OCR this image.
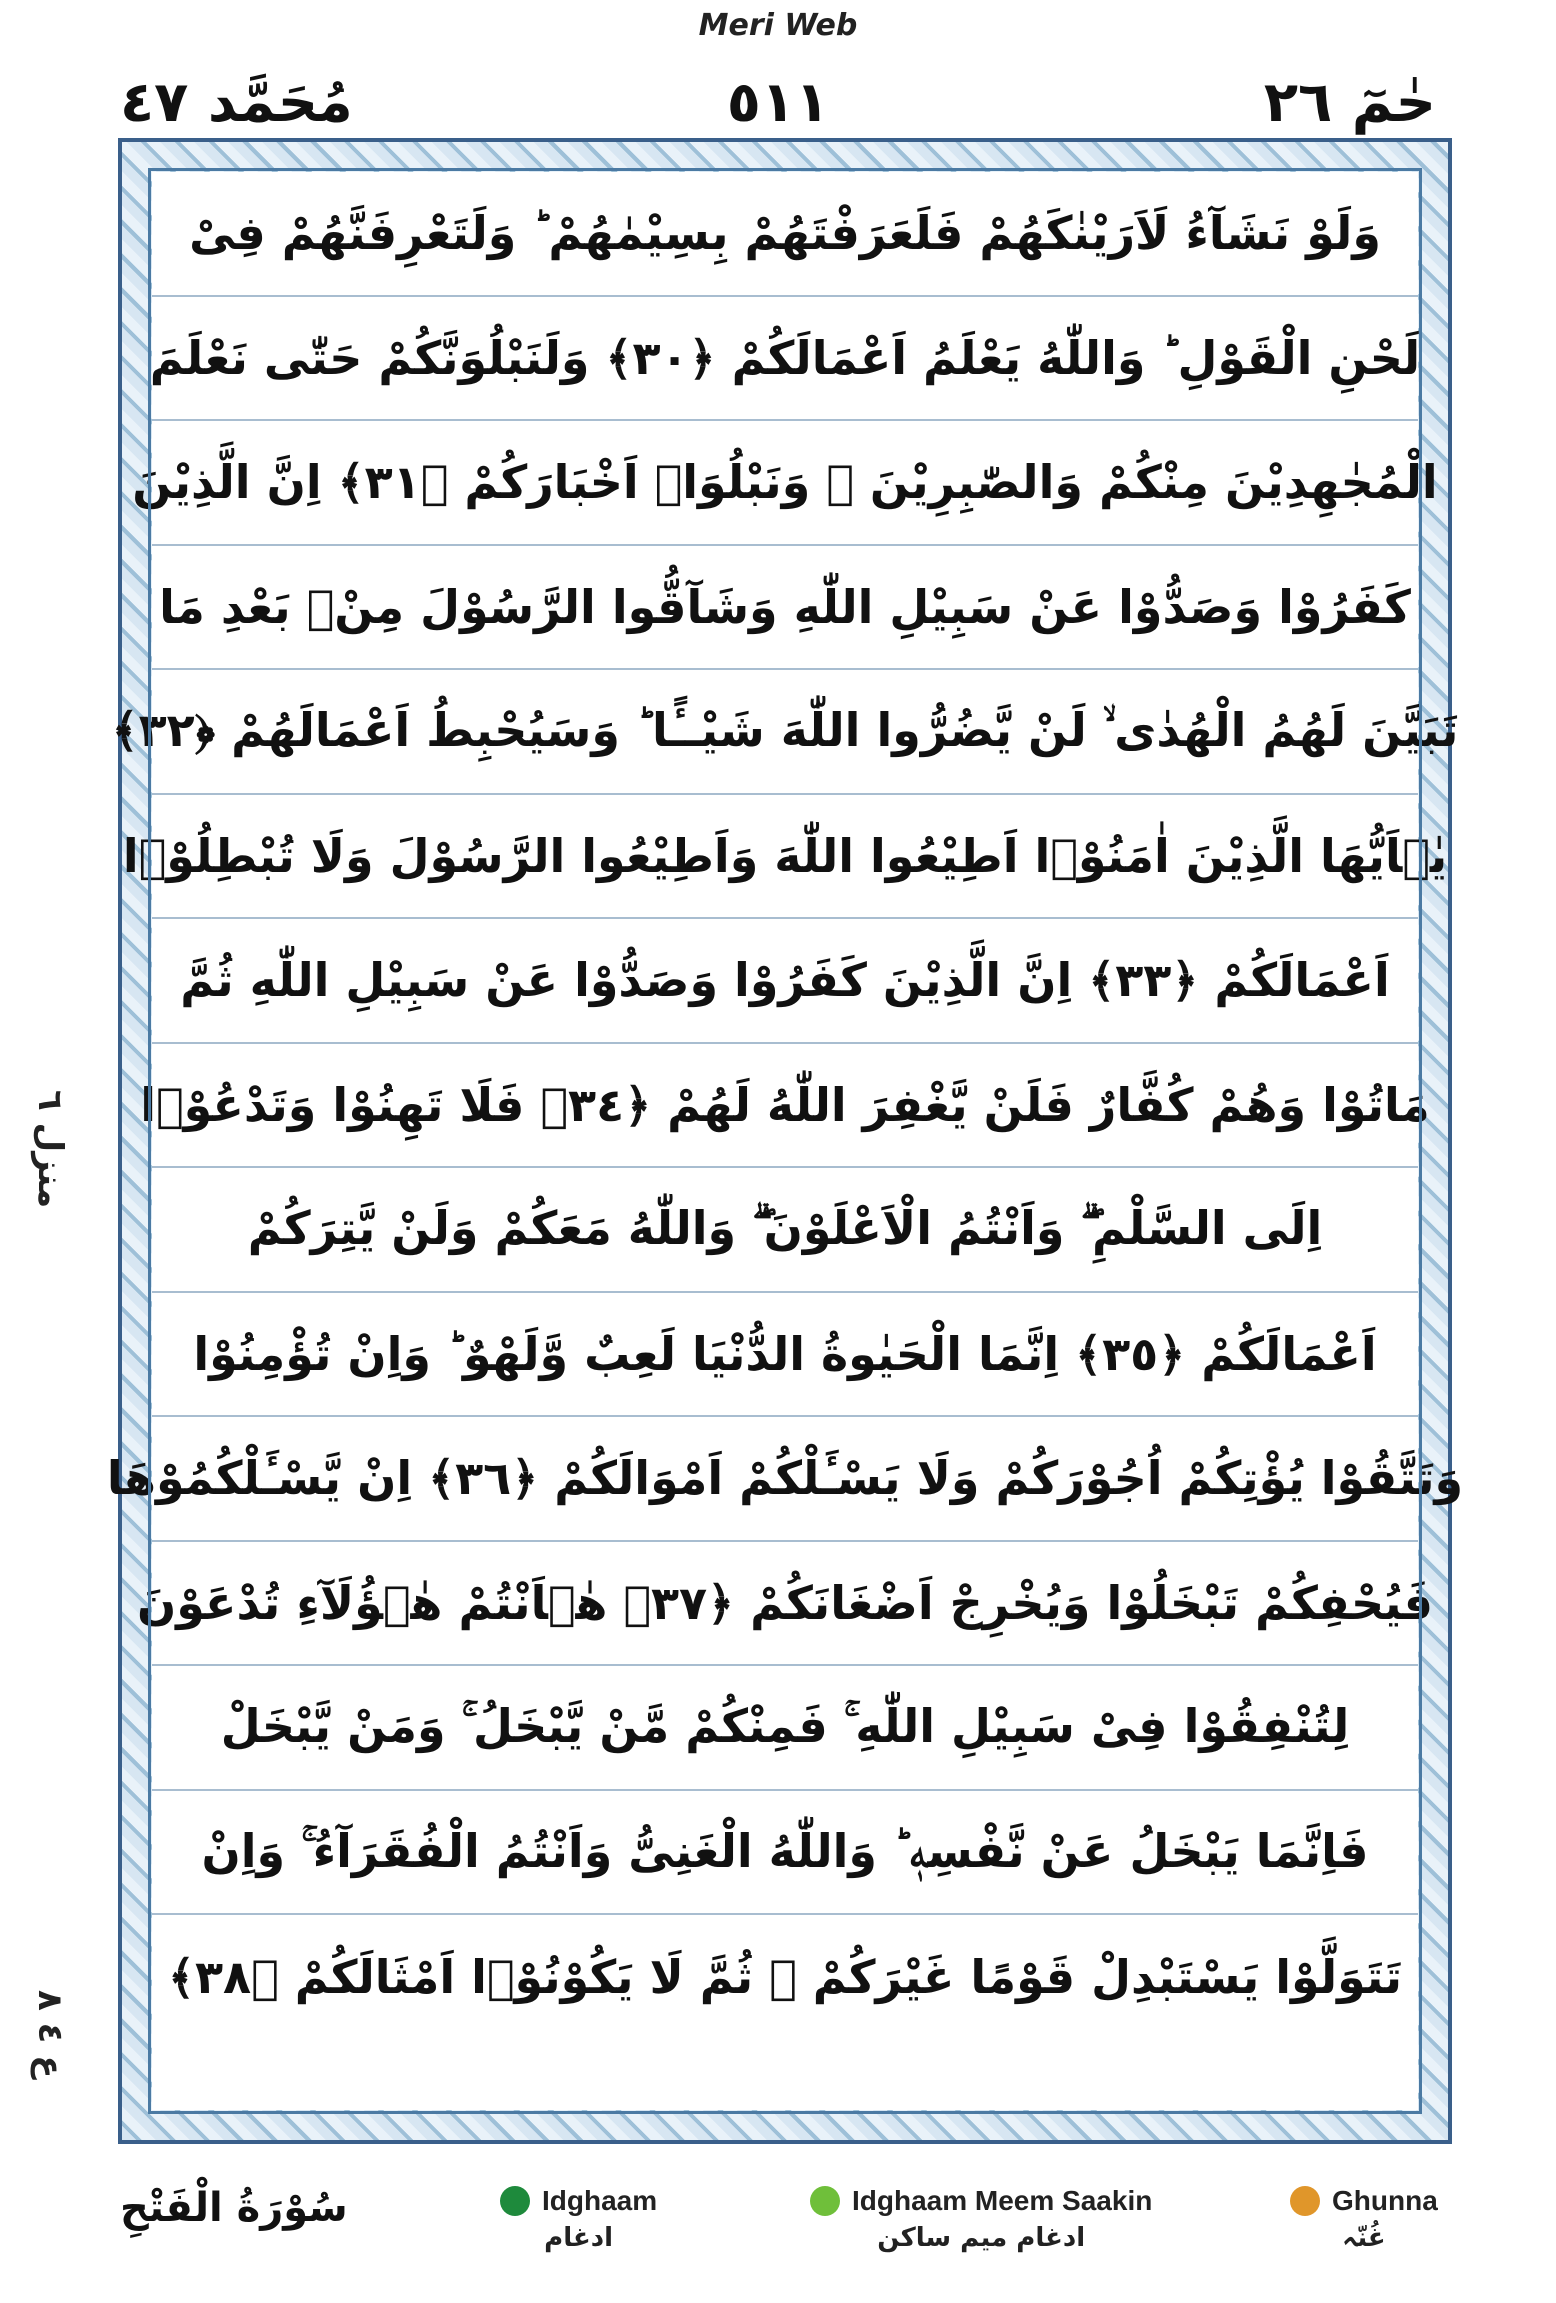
Meri Web
مُحَمَّد ٤٧	٥١١	حٰمٓ ٢٦
وَلَوْ نَشَآءُ لَاَرَيْنٰكَهُمْ فَلَعَرَفْتَهُمْ بِسِيْمٰهُمْ ؕ وَلَتَعْرِفَنَّهُمْ فِىْ
لَحْنِ الْقَوْلِ ؕ وَاللّٰهُ يَعْلَمُ اَعْمَالَكُمْ ﴿٣٠﴾ وَلَنَبْلُوَنَّكُمْ حَتّٰى نَعْلَمَ
الْمُجٰهِدِيْنَ مِنْكُمْ وَالصّٰبِرِيْنَ ۙ وَنَبْلُوَا۟ اَخْبَارَكُمْ ﴿٣١﴾ اِنَّ الَّذِيْنَ
كَفَرُوْا وَصَدُّوْا عَنْ سَبِيْلِ اللّٰهِ وَشَآقُّوا الرَّسُوْلَ مِنْۢ بَعْدِ مَا
تَبَيَّنَ لَهُمُ الْهُدٰى ۙ لَنْ يَّضُرُّوا اللّٰهَ شَيْــًٔا ؕ وَسَيُحْبِطُ اَعْمَالَهُمْ ﴿٣٢﴾
يٰۤاَيُّهَا الَّذِيْنَ اٰمَنُوْۤا اَطِيْعُوا اللّٰهَ وَاَطِيْعُوا الرَّسُوْلَ وَلَا تُبْطِلُوْۤا
اَعْمَالَكُمْ ﴿٣٣﴾ اِنَّ الَّذِيْنَ كَفَرُوْا وَصَدُّوْا عَنْ سَبِيْلِ اللّٰهِ ثُمَّ
مَاتُوْا وَهُمْ كُفَّارٌ فَلَنْ يَّغْفِرَ اللّٰهُ لَهُمْ ﴿٣٤﴾ فَلَا تَهِنُوْا وَتَدْعُوْۤا
اِلَى السَّلْمِ ۖۗ وَاَنْتُمُ الْاَعْلَوْنَ ۖۗ وَاللّٰهُ مَعَكُمْ وَلَنْ يَّتِرَكُمْ
اَعْمَالَكُمْ ﴿٣٥﴾ اِنَّمَا الْحَيٰوةُ الدُّنْيَا لَعِبٌ وَّلَهْوٌ ؕ وَاِنْ تُؤْمِنُوْا
وَتَتَّقُوْا يُؤْتِكُمْ اُجُوْرَكُمْ وَلَا يَسْـَٔلْكُمْ اَمْوَالَكُمْ ﴿٣٦﴾ اِنْ يَّسْـَٔلْكُمُوْهَا
فَيُحْفِكُمْ تَبْخَلُوْا وَيُخْرِجْ اَضْغَانَكُمْ ﴿٣٧﴾ هٰۤاَنْتُمْ هٰۤؤُلَآءِ تُدْعَوْنَ
لِتُنْفِقُوْا فِىْ سَبِيْلِ اللّٰهِ ۚ فَمِنْكُمْ مَّنْ يَّبْخَلُ ۚ وَمَنْ يَّبْخَلْ
فَاِنَّمَا يَبْخَلُ عَنْ نَّفْسِهٖ ؕ وَاللّٰهُ الْغَنِىُّ وَاَنْتُمُ الْفُقَرَآءُ ۚ وَاِنْ
تَتَوَلَّوْا يَسْتَبْدِلْ قَوْمًا غَيْرَكُمْ ۙ ثُمَّ لَا يَكُوْنُوْۤا اَمْثَالَكُمْ ﴿٣٨﴾
منزل ٦
ع ٤ ٨
سُوْرَةُ الْفَتْحِ	Idghaam
ادغام
Idghaam Meem Saakin
ادغام میم ساکن
Ghunna
غُنّہ
